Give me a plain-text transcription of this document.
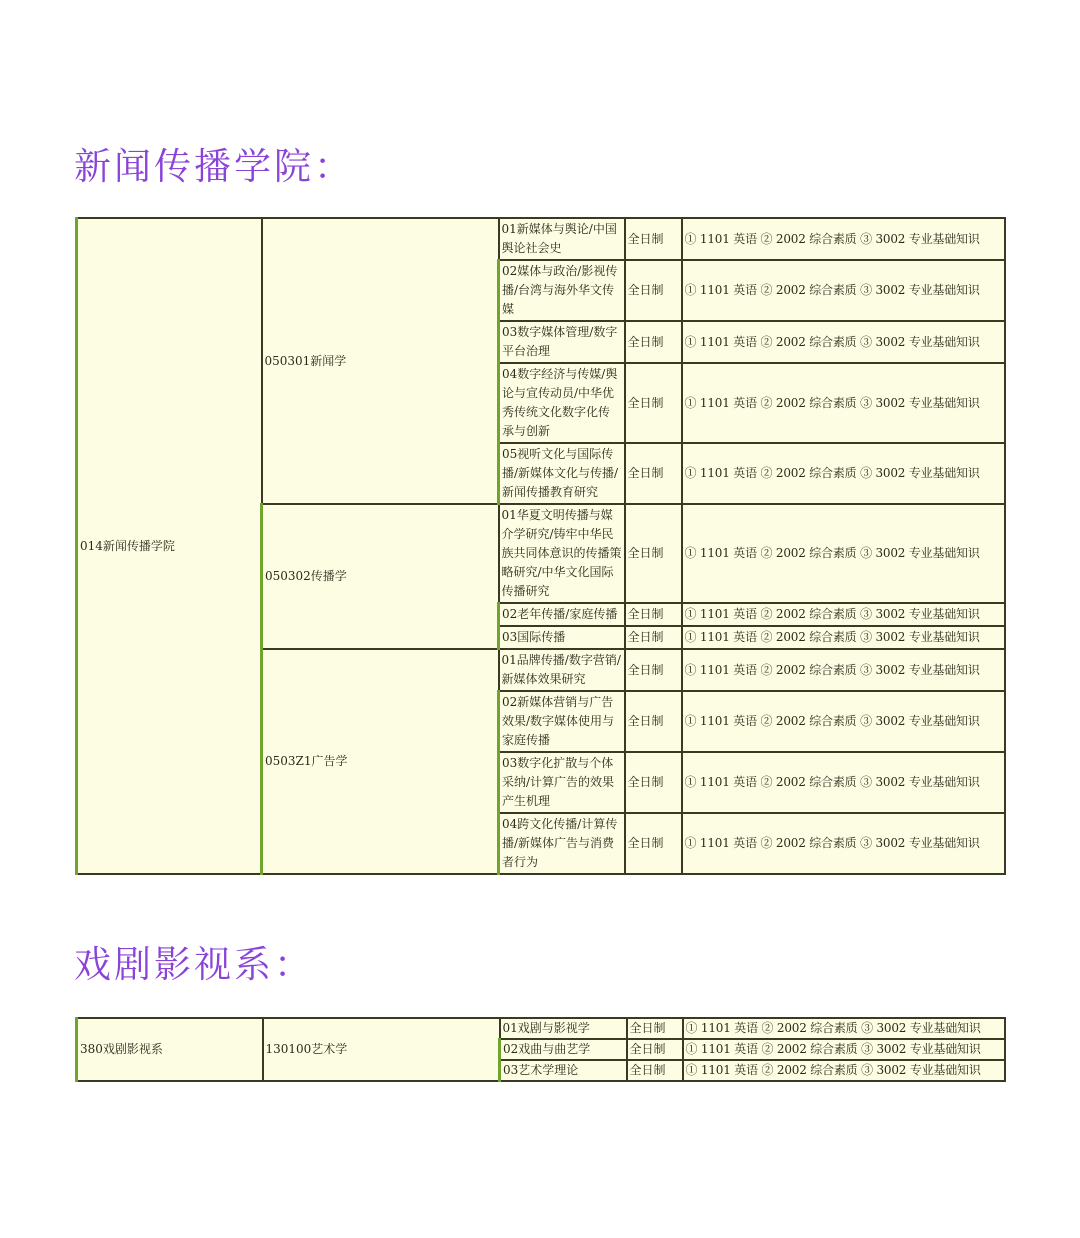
新闻传播学院：
014新闻传播学院	050301新闻学	01新媒体与舆论/中国舆论社会史	全日制	① 1101 英语 ② 2002 综合素质 ③ 3002 专业基础知识
		02媒体与政治/影视传播/台湾与海外华文传媒	全日制	① 1101 英语 ② 2002 综合素质 ③ 3002 专业基础知识
		03数字媒体管理/数字平台治理	全日制	① 1101 英语 ② 2002 综合素质 ③ 3002 专业基础知识
		04数字经济与传媒/舆论与宣传动员/中华优秀传统文化数字化传承与创新	全日制	① 1101 英语 ② 2002 综合素质 ③ 3002 专业基础知识
		05视听文化与国际传播/新媒体文化与传播/新闻传播教育研究	全日制	① 1101 英语 ② 2002 综合素质 ③ 3002 专业基础知识
	050302传播学	01华夏文明传播与媒介学研究/铸牢中华民族共同体意识的传播策略研究/中华文化国际传播研究	全日制	① 1101 英语 ② 2002 综合素质 ③ 3002 专业基础知识
		02老年传播/家庭传播	全日制	① 1101 英语 ② 2002 综合素质 ③ 3002 专业基础知识
		03国际传播	全日制	① 1101 英语 ② 2002 综合素质 ③ 3002 专业基础知识
	0503Z1广告学	01品牌传播/数字营销/新媒体效果研究	全日制	① 1101 英语 ② 2002 综合素质 ③ 3002 专业基础知识
		02新媒体营销与广告效果/数字媒体使用与家庭传播	全日制	① 1101 英语 ② 2002 综合素质 ③ 3002 专业基础知识
		03数字化扩散与个体采纳/计算广告的效果产生机理	全日制	① 1101 英语 ② 2002 综合素质 ③ 3002 专业基础知识
		04跨文化传播/计算传播/新媒体广告与消费者行为	全日制	① 1101 英语 ② 2002 综合素质 ③ 3002 专业基础知识
戏剧影视系：
380戏剧影视系	130100艺术学	01戏剧与影视学	全日制	① 1101 英语 ② 2002 综合素质 ③ 3002 专业基础知识
		02戏曲与曲艺学	全日制	① 1101 英语 ② 2002 综合素质 ③ 3002 专业基础知识
		03艺术学理论	全日制	① 1101 英语 ② 2002 综合素质 ③ 3002 专业基础知识
